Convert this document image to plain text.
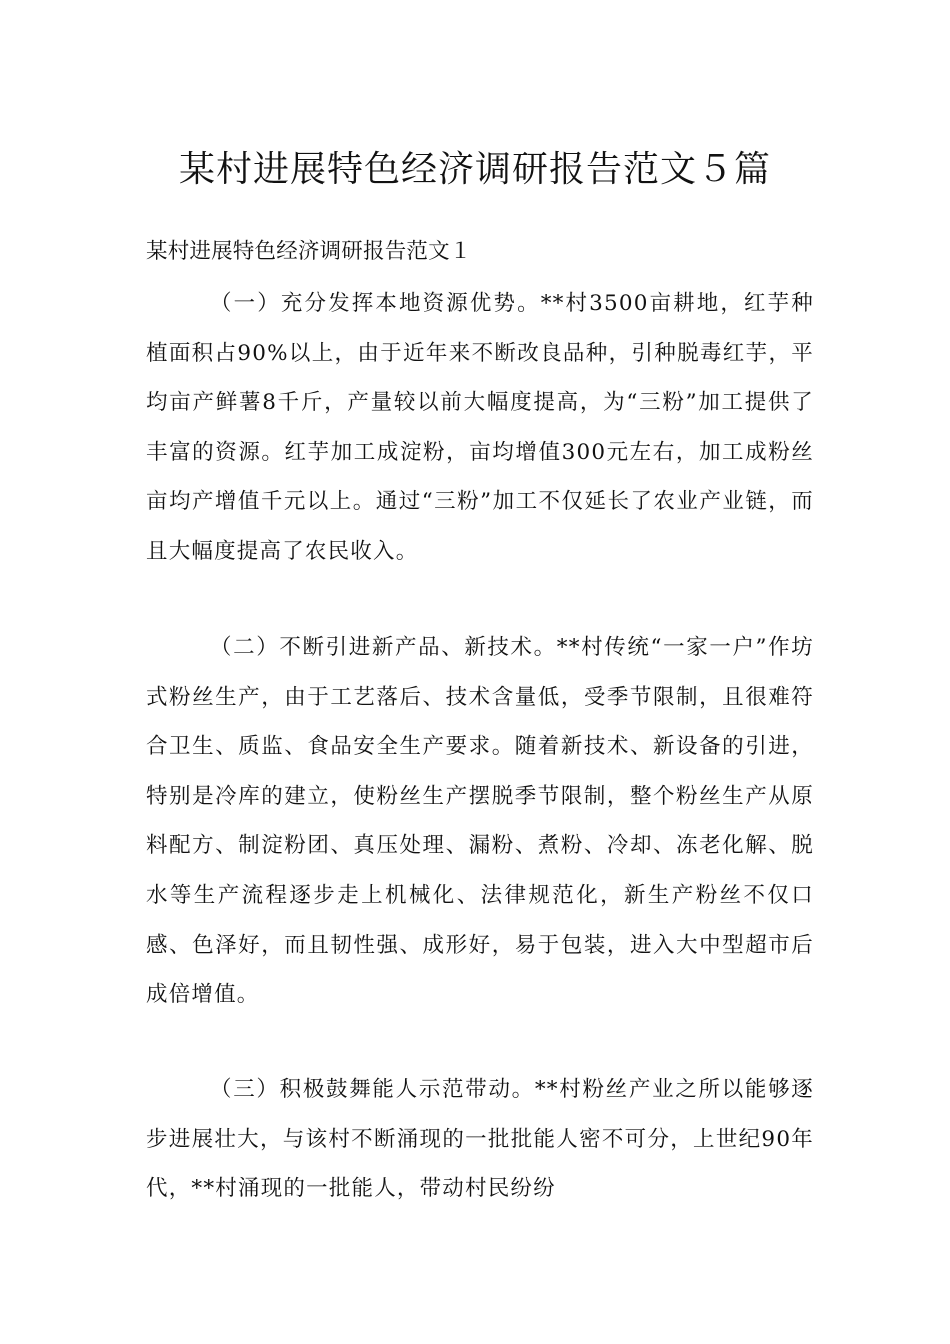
某村进展特色经济调研报告范文５篇
某村进展特色经济调研报告范文１

（一）充分发挥本地资源优势。**村3500亩耕地，红芋种植面积占90%以上，由于近年来不断改良品种，引种脱毒红芋，平均亩产鲜薯8千斤，产量较以前大幅度提高，为“三粉”加工提供了丰富的资源。红芋加工成淀粉，亩均增值300元左右，加工成粉丝亩均产增值千元以上。通过“三粉”加工不仅延长了农业产业链，而且大幅度提高了农民收入。

（二）不断引进新产品、新技术。**村传统“一家一户”作坊式粉丝生产，由于工艺落后、技术含量低，受季节限制，且很难符合卫生、质监、食品安全生产要求。随着新技术、新设备的引进，特别是冷库的建立，使粉丝生产摆脱季节限制，整个粉丝生产从原料配方、制淀粉团、真压处理、漏粉、煮粉、冷却、冻老化解、脱水等生产流程逐步走上机械化、法律规范化，新生产粉丝不仅口感、色泽好，而且韧性强、成形好，易于包装，进入大中型超市后成倍增值。

（三）积极鼓舞能人示范带动。**村粉丝产业之所以能够逐步进展壮大，与该村不断涌现的一批批能人密不可分，上世纪90年代，**村涌现的一批能人，带动村民纷纷
